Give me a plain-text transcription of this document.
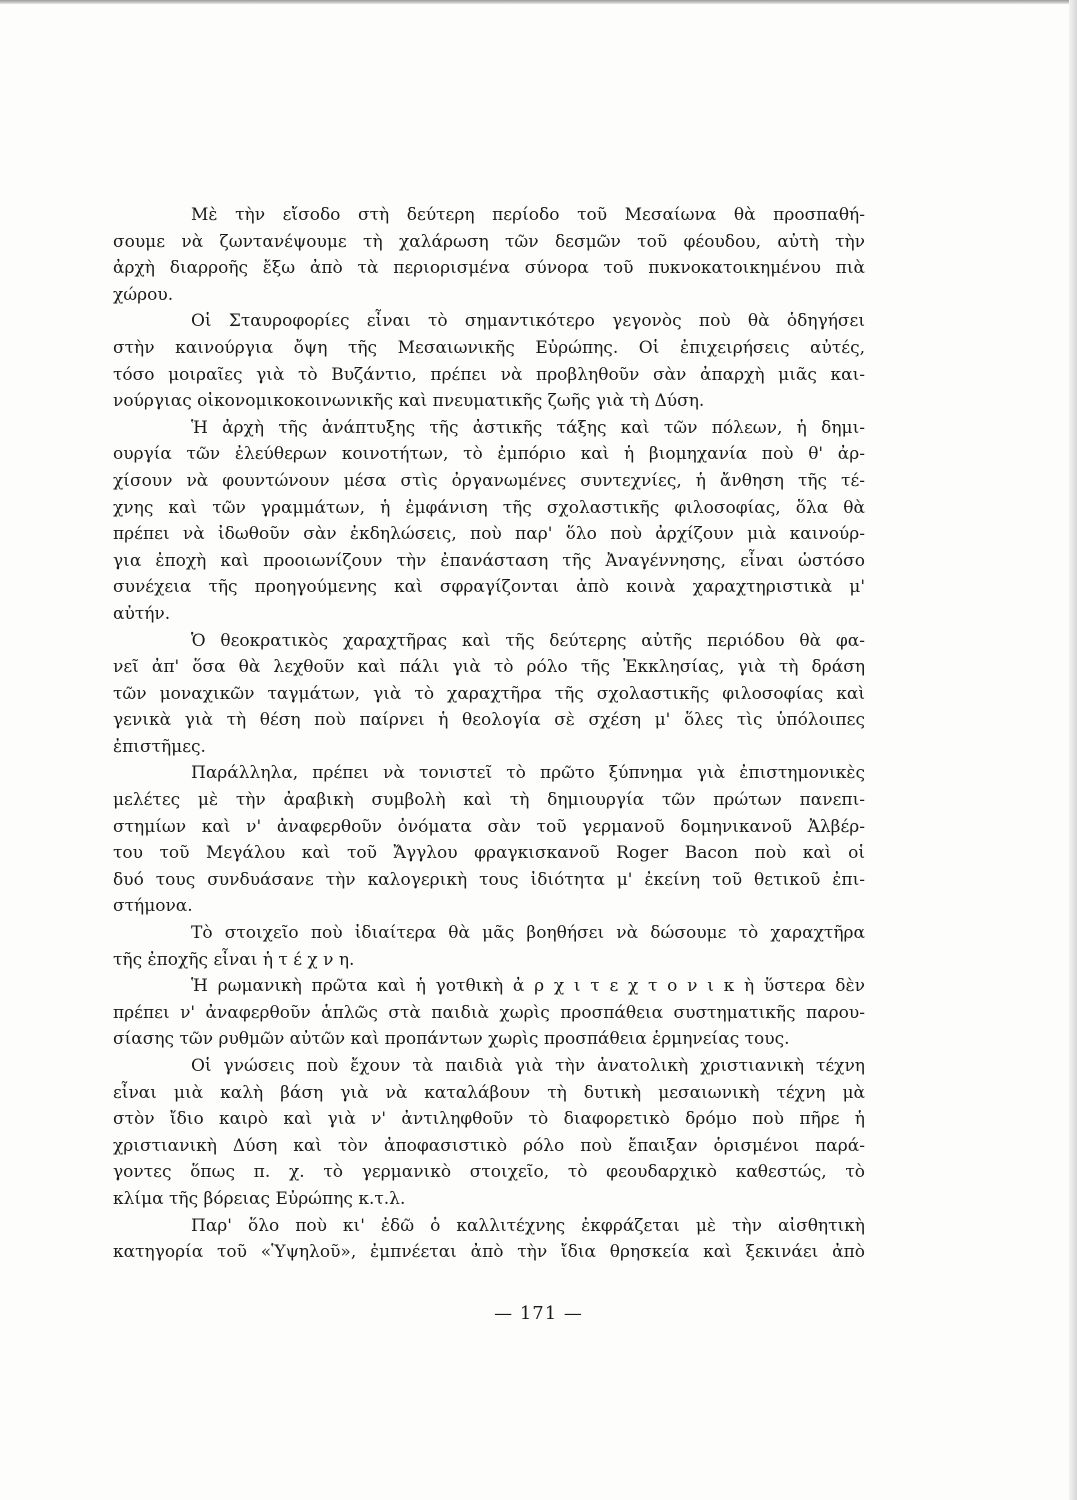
Μὲ τὴν εἴσοδο στὴ δεύτερη περίοδο τοῦ Μεσαίωνα θὰ προσπαθή-
σουμε νὰ ζωντανέψουμε τὴ χαλάρωση τῶν δεσμῶν τοῦ φέουδου, αὐτὴ τὴν
ἀρχὴ διαρροῆς ἔξω ἀπὸ τὰ περιορισμένα σύνορα τοῦ πυκνοκατοικημένου πιὰ
χώρου.
Οἱ Σταυροφορίες εἶναι τὸ σημαντικότερο γεγονὸς ποὺ θὰ ὁδηγήσει
στὴν καινούργια ὄψη τῆς Μεσαιωνικῆς Εὐρώπης. Οἱ ἐπιχειρήσεις αὐτές,
τόσο μοιραῖες γιὰ τὸ Βυζάντιο, πρέπει νὰ προβληθοῦν σὰν ἀπαρχὴ μιᾶς και-
νούργιας οἰκονομικοκοινωνικῆς καὶ πνευματικῆς ζωῆς γιὰ τὴ Δύση.
Ἡ ἀρχὴ τῆς ἀνάπτυξης τῆς ἀστικῆς τάξης καὶ τῶν πόλεων, ἡ δημι-
ουργία τῶν ἐλεύθερων κοινοτήτων, τὸ ἐμπόριο καὶ ἡ βιομηχανία ποὺ θ' ἀρ-
χίσουν νὰ φουντώνουν μέσα στὶς ὀργανωμένες συντεχνίες, ἡ ἄνθηση τῆς τέ-
χνης καὶ τῶν γραμμάτων, ἡ ἐμφάνιση τῆς σχολαστικῆς φιλοσοφίας, ὅλα θὰ
πρέπει νὰ ἰδωθοῦν σὰν ἐκδηλώσεις, ποὺ παρ' ὅλο ποὺ ἀρχίζουν μιὰ καινούρ-
για ἐποχὴ καὶ προοιωνίζουν τὴν ἐπανάσταση τῆς Ἀναγέννησης, εἶναι ὡστόσο
συνέχεια τῆς προηγούμενης καὶ σφραγίζονται ἀπὸ κοινὰ χαραχτηριστικὰ μ'
αὐτήν.
Ὁ θεοκρατικὸς χαραχτῆρας καὶ τῆς δεύτερης αὐτῆς περιόδου θὰ φα-
νεῖ ἀπ' ὅσα θὰ λεχθοῦν καὶ πάλι γιὰ τὸ ρόλο τῆς Ἐκκλησίας, γιὰ τὴ δράση
τῶν μοναχικῶν ταγμάτων, γιὰ τὸ χαραχτῆρα τῆς σχολαστικῆς φιλοσοφίας καὶ
γενικὰ γιὰ τὴ θέση ποὺ παίρνει ἡ θεολογία σὲ σχέση μ' ὅλες τὶς ὑπόλοιπες
ἐπιστῆμες.
Παράλληλα, πρέπει νὰ τονιστεῖ τὸ πρῶτο ξύπνημα γιὰ ἐπιστημονικὲς
μελέτες μὲ τὴν ἀραβικὴ συμβολὴ καὶ τὴ δημιουργία τῶν πρώτων πανεπι-
στημίων καὶ ν' ἀναφερθοῦν ὀνόματα σὰν τοῦ γερμανοῦ δομηνικανοῦ Ἀλβέρ-
του τοῦ Μεγάλου καὶ τοῦ Ἄγγλου φραγκισκανοῦ Roger Bacon ποὺ καὶ οἱ
δυό τους συνδυάσανε τὴν καλογερικὴ τους ἰδιότητα μ' ἐκείνη τοῦ θετικοῦ ἐπι-
στήμονα.
Τὸ στοιχεῖο ποὺ ἰδιαίτερα θὰ μᾶς βοηθήσει νὰ δώσουμε τὸ χαραχτῆρα
τῆς ἐποχῆς εἶναι ἡ τ έ χ ν η.
Ἡ ρωμανικὴ πρῶτα καὶ ἡ γοτθικὴ ἀ ρ χ ι τ ε χ τ ο ν ι κ ὴ ὕστερα δὲν
πρέπει ν' ἀναφερθοῦν ἁπλῶς στὰ παιδιὰ χωρὶς προσπάθεια συστηματικῆς παρου-
σίασης τῶν ρυθμῶν αὐτῶν καὶ προπάντων χωρὶς προσπάθεια ἑρμηνείας τους.
Οἱ γνώσεις ποὺ ἔχουν τὰ παιδιὰ γιὰ τὴν ἀνατολικὴ χριστιανικὴ τέχνη
εἶναι μιὰ καλὴ βάση γιὰ νὰ καταλάβουν τὴ δυτικὴ μεσαιωνικὴ τέχνη μὰ
στὸν ἴδιο καιρὸ καὶ γιὰ ν' ἀντιληφθοῦν τὸ διαφορετικὸ δρόμο ποὺ πῆρε ἡ
χριστιανικὴ Δύση καὶ τὸν ἀποφασιστικὸ ρόλο ποὺ ἔπαιξαν ὁρισμένοι παρά-
γοντες ὅπως π. χ. τὸ γερμανικὸ στοιχεῖο, τὸ φεουδαρχικὸ καθεστώς, τὸ
κλίμα τῆς βόρειας Εὐρώπης κ.τ.λ.
Παρ' ὅλο ποὺ κι' ἐδῶ ὁ καλλιτέχνης ἐκφράζεται μὲ τὴν αἰσθητικὴ
κατηγορία τοῦ «Ὑψηλοῦ», ἐμπνέεται ἀπὸ τὴν ἴδια θρησκεία καὶ ξεκινάει ἀπὸ
— 171 —
